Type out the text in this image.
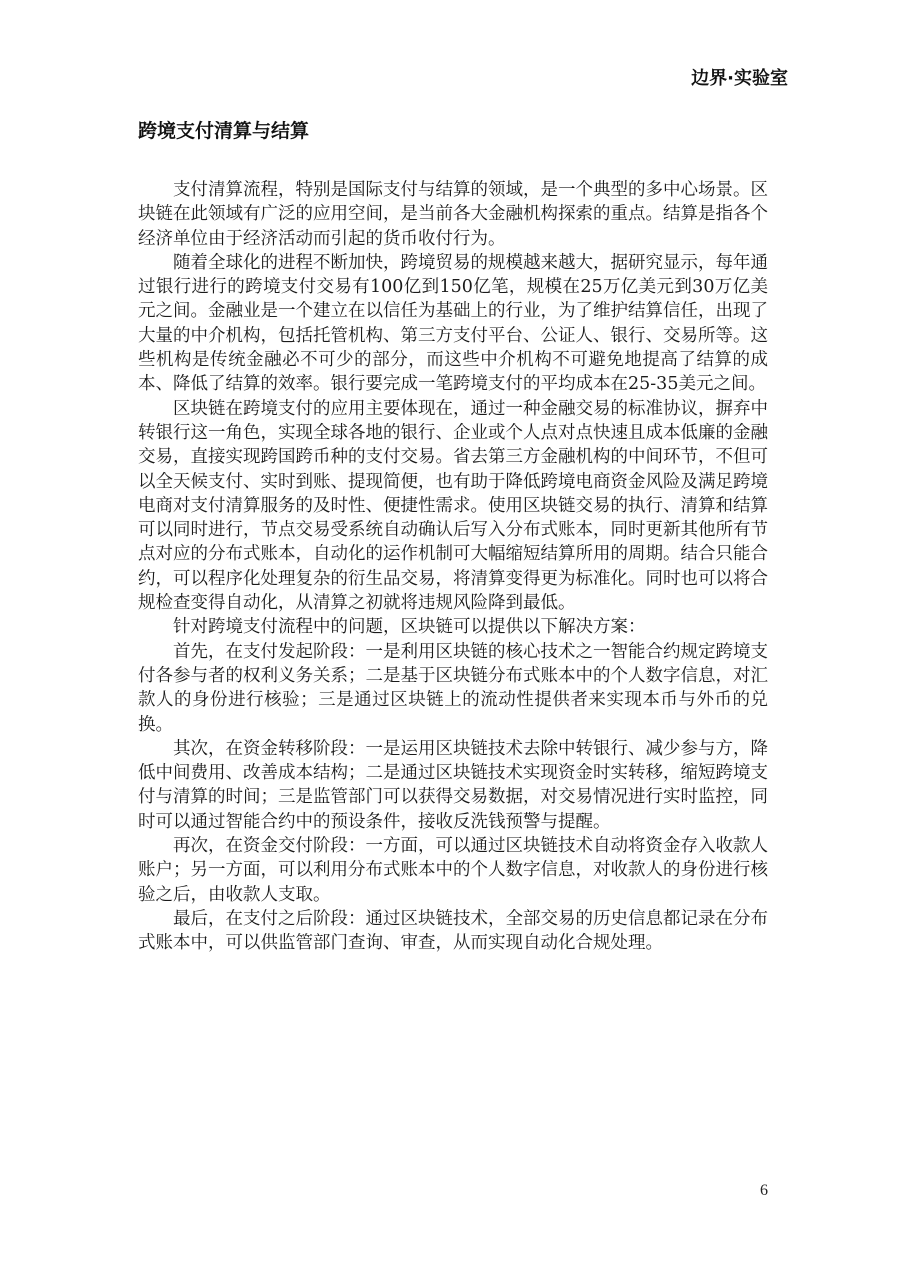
边界·实验室
跨境支付清算与结算

支付清算流程，特别是国际支付与结算的领域，是一个典型的多中心场景。区块链在此领域有广泛的应用空间，是当前各大金融机构探索的重点。结算是指各个经济单位由于经济活动而引起的货币收付行为。

随着全球化的进程不断加快，跨境贸易的规模越来越大，据研究显示，每年通过银行进行的跨境支付交易有100亿到150亿笔，规模在25万亿美元到30万亿美元之间。金融业是一个建立在以信任为基础上的行业，为了维护结算信任，出现了大量的中介机构，包括托管机构、第三方支付平台、公证人、银行、交易所等。这些机构是传统金融必不可少的部分，而这些中介机构不可避免地提高了结算的成本、降低了结算的效率。银行要完成一笔跨境支付的平均成本在25-35美元之间。

区块链在跨境支付的应用主要体现在，通过一种金融交易的标准协议，摒弃中转银行这一角色，实现全球各地的银行、企业或个人点对点快速且成本低廉的金融交易，直接实现跨国跨币种的支付交易。省去第三方金融机构的中间环节，不但可以全天候支付、实时到账、提现简便，也有助于降低跨境电商资金风险及满足跨境电商对支付清算服务的及时性、便捷性需求。使用区块链交易的执行、清算和结算可以同时进行，节点交易受系统自动确认后写入分布式账本，同时更新其他所有节点对应的分布式账本，自动化的运作机制可大幅缩短结算所用的周期。结合只能合约，可以程序化处理复杂的衍生品交易，将清算变得更为标准化。同时也可以将合规检查变得自动化，从清算之初就将违规风险降到最低。

针对跨境支付流程中的问题，区块链可以提供以下解决方案：

首先，在支付发起阶段：一是利用区块链的核心技术之一智能合约规定跨境支付各参与者的权利义务关系；二是基于区块链分布式账本中的个人数字信息，对汇款人的身份进行核验；三是通过区块链上的流动性提供者来实现本币与外币的兑换。

其次，在资金转移阶段：一是运用区块链技术去除中转银行、减少参与方，降低中间费用、改善成本结构；二是通过区块链技术实现资金时实转移，缩短跨境支付与清算的时间；三是监管部门可以获得交易数据，对交易情况进行实时监控，同时可以通过智能合约中的预设条件，接收反洗钱预警与提醒。

再次，在资金交付阶段：一方面，可以通过区块链技术自动将资金存入收款人账户；另一方面，可以利用分布式账本中的个人数字信息，对收款人的身份进行核验之后，由收款人支取。

最后，在支付之后阶段：通过区块链技术，全部交易的历史信息都记录在分布式账本中，可以供监管部门查询、审查，从而实现自动化合规处理。

6
